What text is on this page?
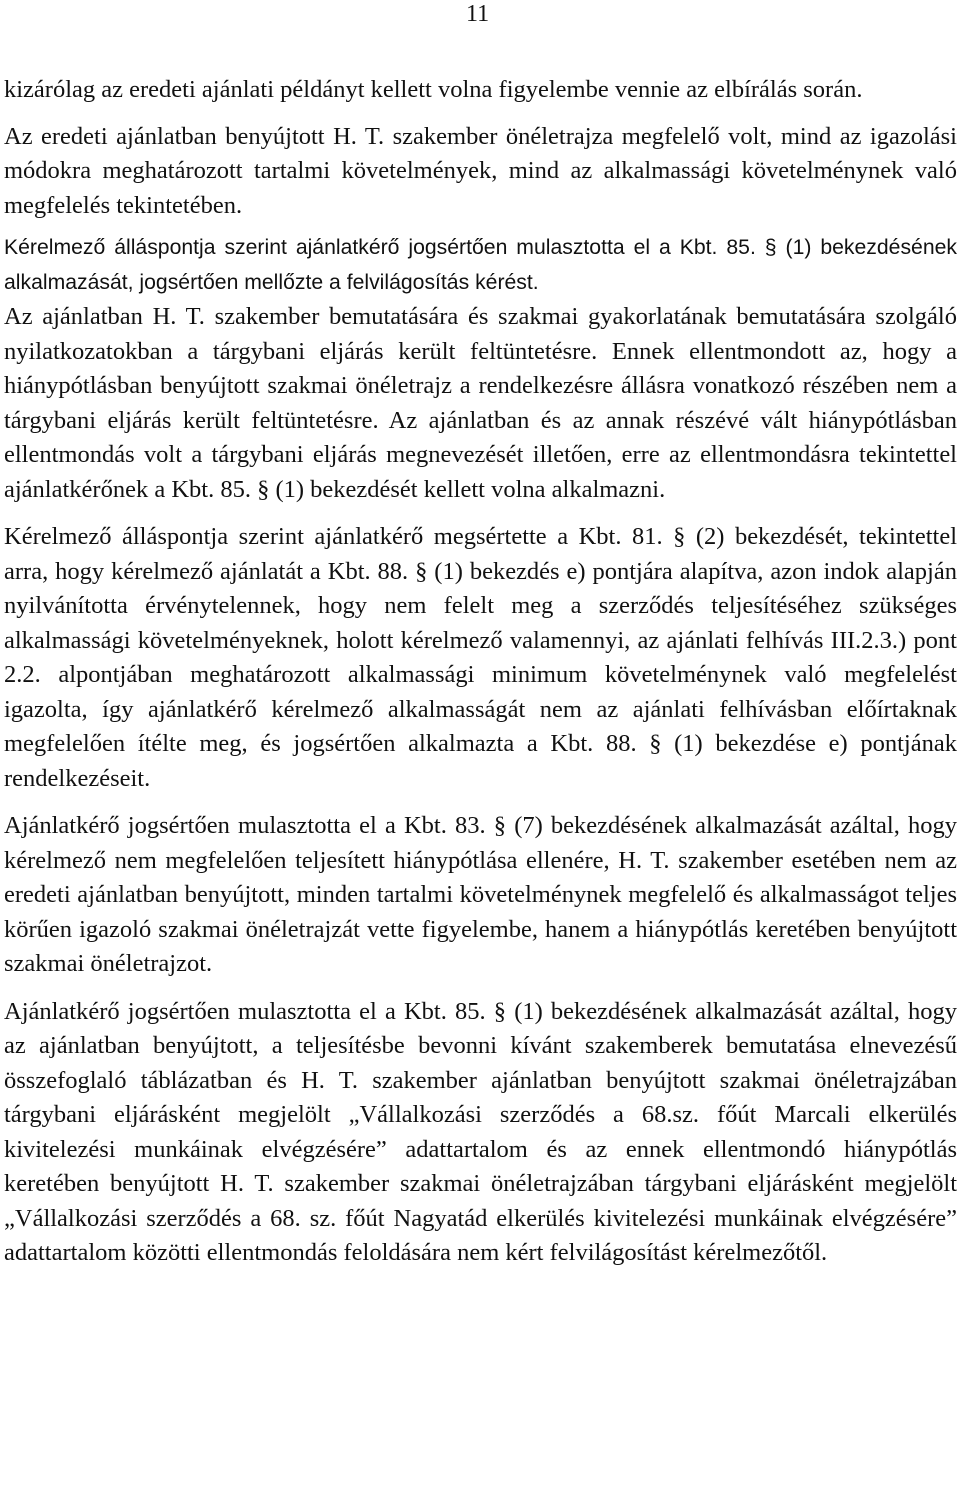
11

kizárólag az eredeti ajánlati példányt kellett volna figyelembe vennie az elbírálás során.

Az eredeti ajánlatban benyújtott H. T. szakember önéletrajza megfelelő volt, mind az igazolási módokra meghatározott tartalmi követelmények, mind az alkalmassági követelménynek való megfelelés tekintetében.

Kérelmező álláspontja szerint ajánlatkérő jogsértően mulasztotta el a Kbt. 85. § (1) bekezdésének alkalmazását, jogsértően mellőzte a felvilágosítás kérést.

Az ajánlatban H. T. szakember bemutatására és szakmai gyakorlatának bemutatására szolgáló nyilatkozatokban a tárgybani eljárás került feltüntetésre. Ennek ellentmondott az, hogy a hiánypótlásban benyújtott szakmai önéletrajz a rendelkezésre állásra vonatkozó részében nem a tárgybani eljárás került feltüntetésre. Az ajánlatban és az annak részévé vált hiánypótlásban ellentmondás volt a tárgybani eljárás megnevezését illetően, erre az ellentmondásra tekintettel ajánlatkérőnek a Kbt. 85. § (1) bekezdését kellett volna alkalmazni.

Kérelmező álláspontja szerint ajánlatkérő megsértette a Kbt. 81. § (2) bekezdését, tekintettel arra, hogy kérelmező ajánlatát a Kbt. 88. § (1) bekezdés e) pontjára alapítva, azon indok alapján nyilvánította érvénytelennek, hogy nem felelt meg a szerződés teljesítéséhez szükséges alkalmassági követelményeknek, holott kérelmező valamennyi, az ajánlati felhívás III.2.3.) pont 2.2. alpontjában meghatározott alkalmassági minimum követelménynek való megfelelést igazolta, így ajánlatkérő kérelmező alkalmasságát nem az ajánlati felhívásban előírtaknak megfelelően ítélte meg, és jogsértően alkalmazta a Kbt. 88. § (1) bekezdése e) pontjának rendelkezéseit.

Ajánlatkérő jogsértően mulasztotta el a Kbt. 83. § (7) bekezdésének alkalmazását azáltal, hogy kérelmező nem megfelelően teljesített hiánypótlása ellenére, H. T. szakember esetében nem az eredeti ajánlatban benyújtott, minden tartalmi követelménynek megfelelő és alkalmasságot teljes körűen igazoló szakmai önéletrajzát vette figyelembe, hanem a hiánypótlás keretében benyújtott szakmai önéletrajzot.

Ajánlatkérő jogsértően mulasztotta el a Kbt. 85. § (1) bekezdésének alkalmazását azáltal, hogy az ajánlatban benyújtott, a teljesítésbe bevonni kívánt szakemberek bemutatása elnevezésű összefoglaló táblázatban és H. T. szakember ajánlatban benyújtott szakmai önéletrajzában tárgybani eljárásként megjelölt „Vállalkozási szerződés a 68.sz. főút Marcali elkerülés kivitelezési munkáinak elvégzésére” adattartalom és az ennek ellentmondó hiánypótlás keretében benyújtott H. T. szakember szakmai önéletrajzában tárgybani eljárásként megjelölt „Vállalkozási szerződés a 68. sz. főút Nagyatád elkerülés kivitelezési munkáinak elvégzésére” adattartalom közötti ellentmondás feloldására nem kért felvilágosítást kérelmezőtől.
